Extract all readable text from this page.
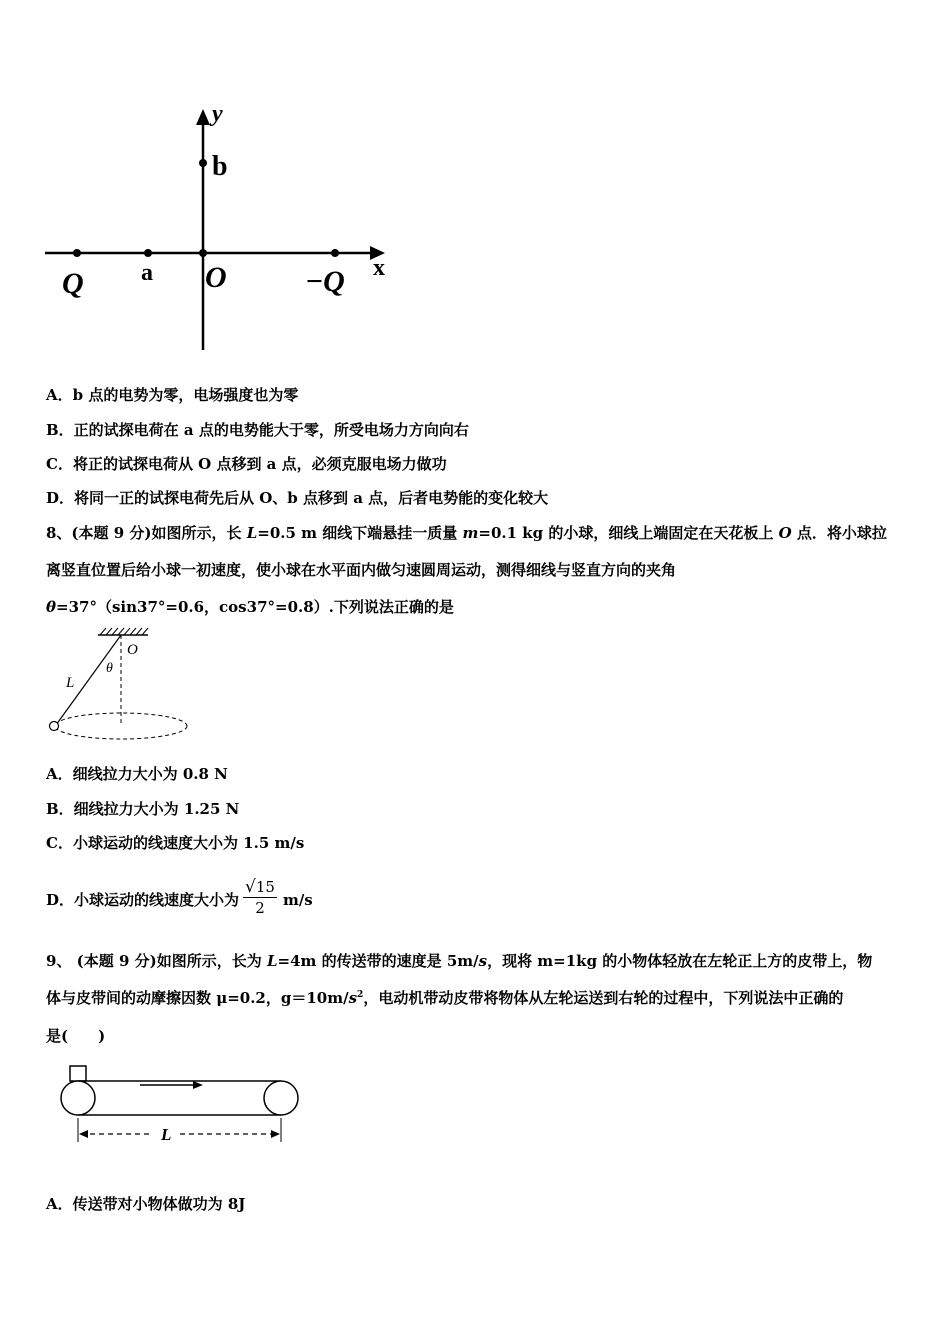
y
x
b
a O
Q	−Q
A．b 点的电势为零，电场强度也为零
B．正的试探电荷在 a 点的电势能大于零，所受电场力方向向右
C．将正的试探电荷从 O 点移到 a 点，必须克服电场力做功
D．将同一正的试探电荷先后从 O、b 点移到 a 点，后者电势能的变化较大
8、(本题 9 分)如图所示，长 L=0.5 m 细线下端悬挂一质量 m=0.1 kg 的小球，细线上端固定在天花板上 O 点．将小球拉
离竖直位置后给小球一初速度，使小球在水平面内做匀速圆周运动，测得细线与竖直方向的夹角
θ=37°（sin37°=0.6，cos37°=0.8）.下列说法正确的是
O
θ
L
A．细线拉力大小为 0.8 N
B．细线拉力大小为 1.25 N
C．小球运动的线速度大小为 1.5 m/s
D．小球运动的线速度大小为 $\frac{√15}{2} m/s$
9、 (本题 9 分)如图所示，长为 L=4m 的传送带的速度是 5m/s，现将 m=1kg 的小物体轻放在左轮正上方的皮带上，物
体与皮带间的动摩擦因数 μ=0.2，$g=10m/s^2$，电动机带动皮带将物体从左轮运送到右轮的过程中，下列说法中正确的
是(　　)
L
A．传送带对小物体做功为 8J
